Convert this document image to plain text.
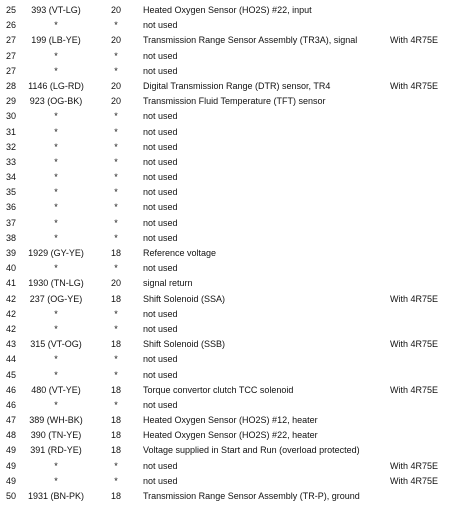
25	393 (VT-LG)	20	Heated Oxygen Sensor (HO2S) #22, input
26	*	*	not used
27	199 (LB-YE)	20	Transmission Range Sensor Assembly (TR3A), signal	With 4R75E
27	*	*	not used
27	*	*	not used
28	1146 (LG-RD)	20	Digital Transmission Range (DTR) sensor, TR4	With 4R75E
29	923 (OG-BK)	20	Transmission Fluid Temperature (TFT) sensor
30	*	*	not used
31	*	*	not used
32	*	*	not used
33	*	*	not used
34	*	*	not used
35	*	*	not used
36	*	*	not used
37	*	*	not used
38	*	*	not used
39	1929 (GY-YE)	18	Reference voltage
40	*	*	not used
41	1930 (TN-LG)	20	signal return
42	237 (OG-YE)	18	Shift Solenoid (SSA)	With 4R75E
42	*	*	not used
42	*	*	not used
43	315 (VT-OG)	18	Shift Solenoid (SSB)	With 4R75E
44	*	*	not used
45	*	*	not used
46	480 (VT-YE)	18	Torque convertor clutch TCC solenoid	With 4R75E
46	*	*	not used
47	389 (WH-BK)	18	Heated Oxygen Sensor (HO2S) #12, heater
48	390 (TN-YE)	18	Heated Oxygen Sensor (HO2S) #22, heater
49	391 (RD-YE)	18	Voltage supplied in Start and Run (overload protected)
49	*	*	not used	With 4R75E
49	*	*	not used	With 4R75E
50	1931 (BN-PK)	18	Transmission Range Sensor Assembly (TR-P), ground
